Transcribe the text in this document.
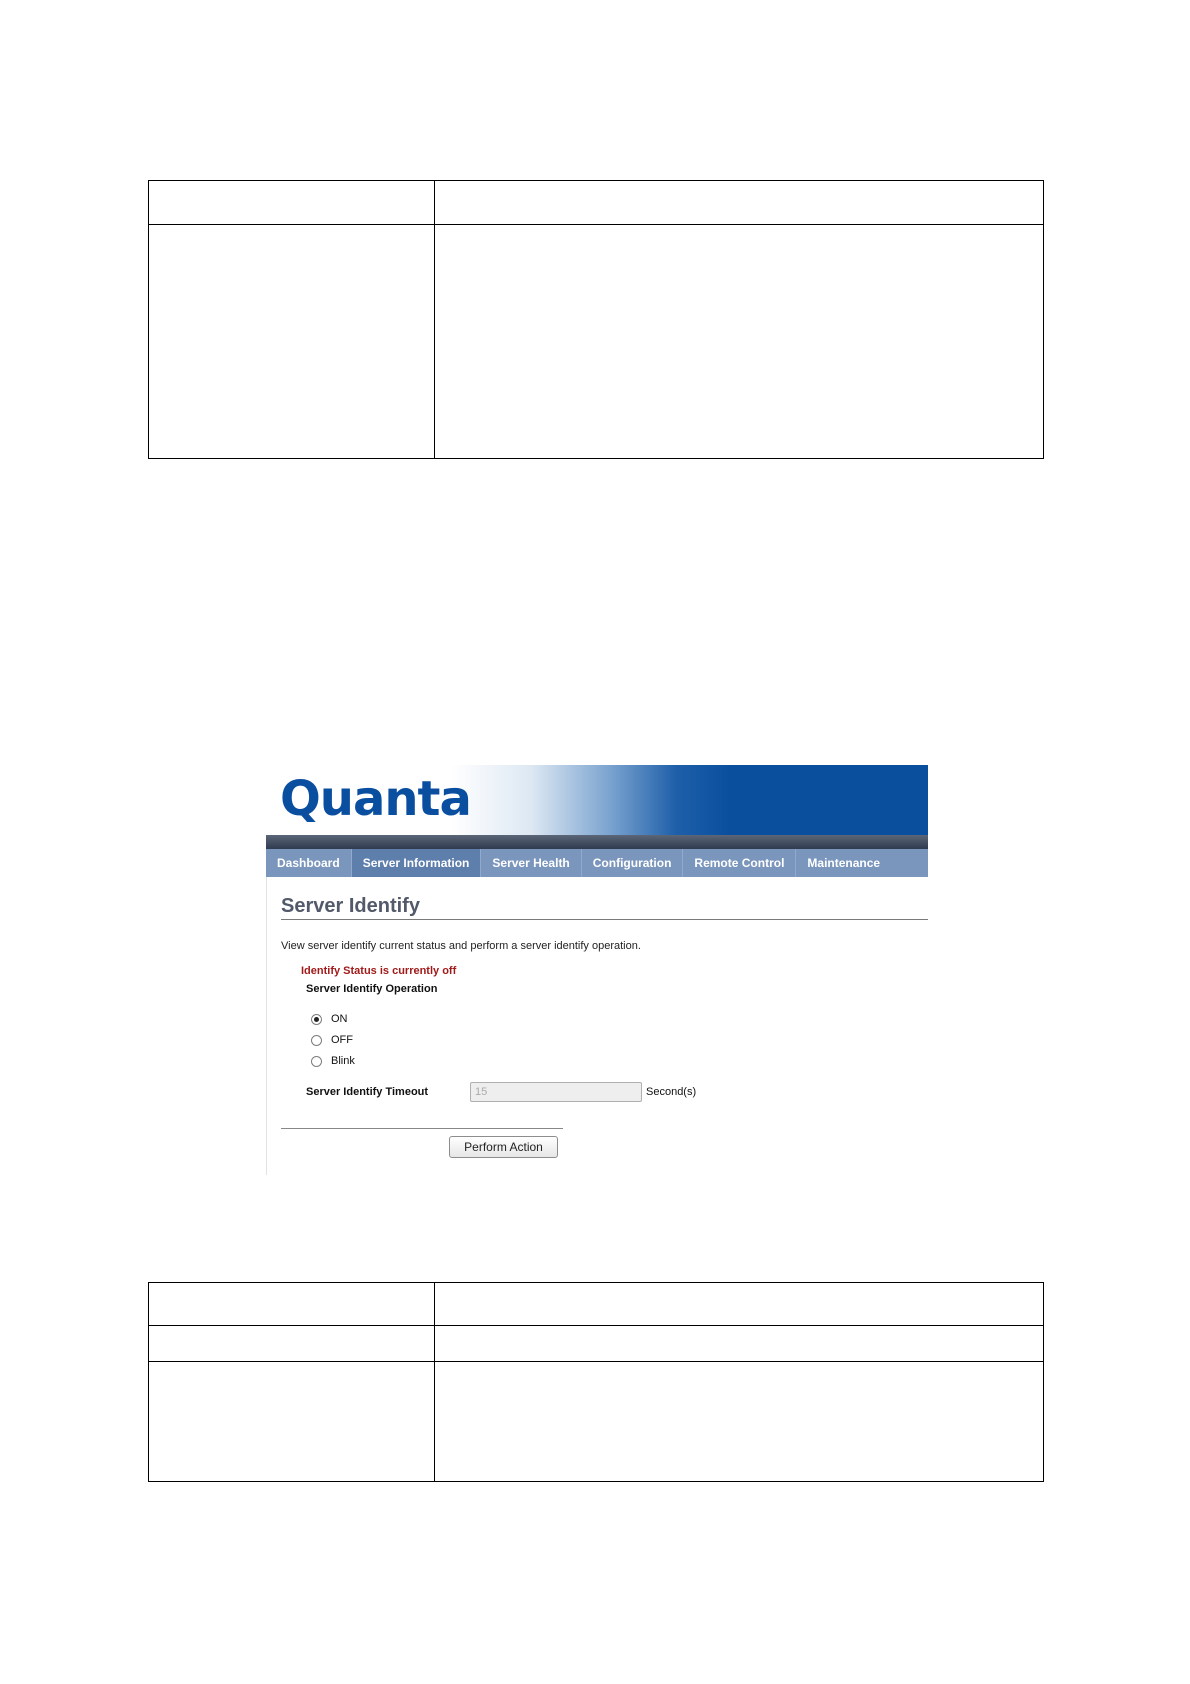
Quanta
Dashboard	Server Information	Server Health	Configuration	Remote Control	Maintenance
Server Identify
View server identify current status and perform a server identify operation.
Identify Status is currently off
Server Identify Operation
ON
OFF
Blink
Server Identify Timeout
15	Second(s)
Perform Action
